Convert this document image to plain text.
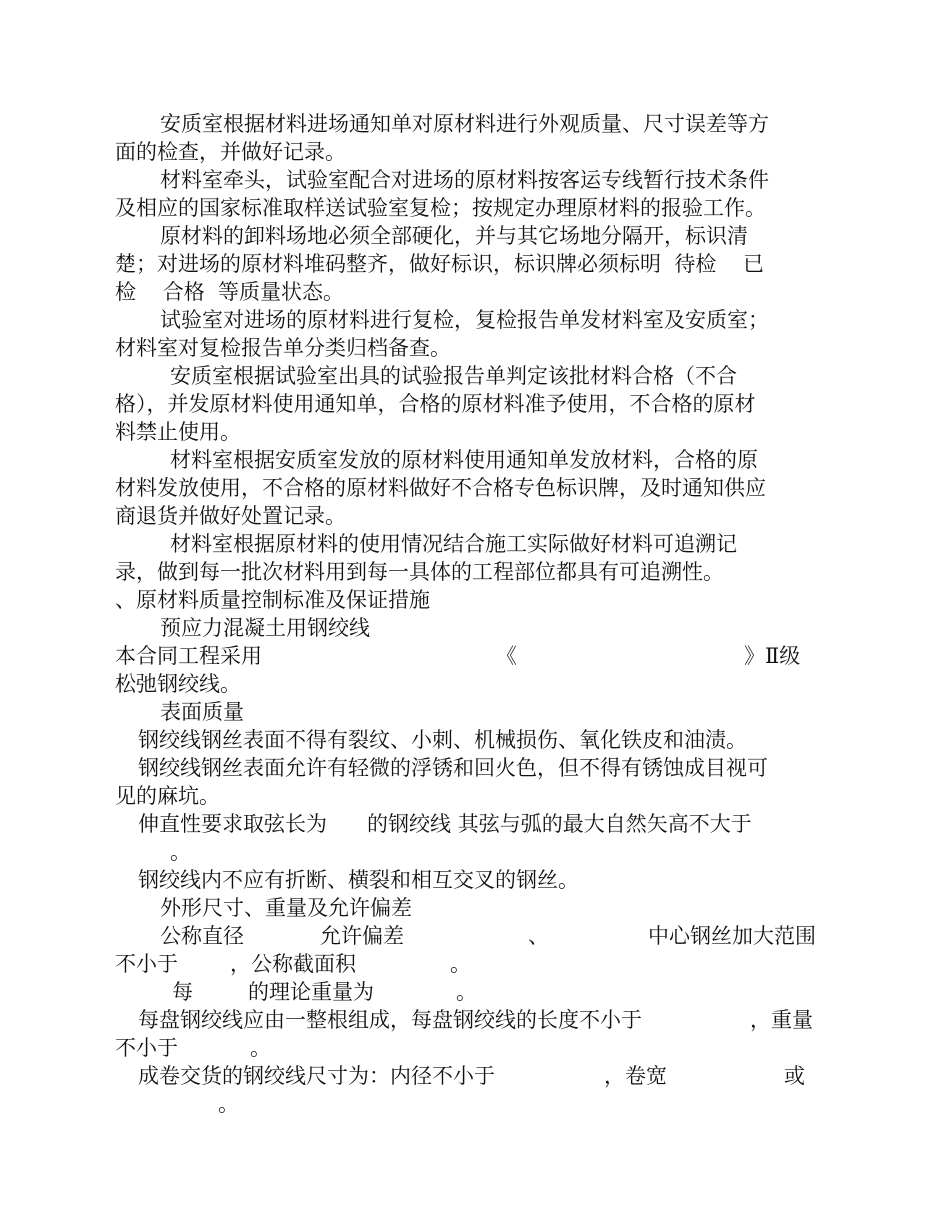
安质室根据材料进场通知单对原材料进行外观质量、尺寸误差等方
面的检查，并做好记录。
材料室牵头，试验室配合对进场的原材料按客运专线暂行技术条件
及相应的国家标准取样送试验室复检；按规定办理原材料的报验工作。
原材料的卸料场地必须全部硬化，并与其它场地分隔开，标识清
楚；对进场的原材料堆码整齐，做好标识，标识牌必须标明  待检    已
检    合格  等质量状态。
试验室对进场的原材料进行复检，复检报告单发材料室及安质室；
材料室对复检报告单分类归档备查。
安质室根据试验室出具的试验报告单判定该批材料合格（不合
格），并发原材料使用通知单，合格的原材料准予使用，不合格的原材
料禁止使用。
材料室根据安质室发放的原材料使用通知单发放材料，合格的原
材料发放使用，不合格的原材料做好不合格专色标识牌，及时通知供应
商退货并做好处置记录。
材料室根据原材料的使用情况结合施工实际做好材料可追溯记
录，做到每一批次材料用到每一具体的工程部位都具有可追溯性。
、原材料质量控制标准及保证措施
预应力混凝土用钢绞线
本合同工程采用	《	》Ⅱ级
松弛钢绞线。
表面质量
钢绞线钢丝表面不得有裂纹、小刺、机械损伤、氧化铁皮和油渍。
钢绞线钢丝表面允许有轻微的浮锈和回火色，但不得有锈蚀成目视可
见的麻坑。
伸直性要求取弦长为      的钢绞线 其弦与弧的最大自然矢高不大于
。
钢绞线内不应有折断、横裂和相互交叉的钢丝。
外形尺寸、重量及允许偏差
公称直径	允许偏差	、	中心钢丝加大范围
不小于 ，公称截面积	。
每	的理论重量为	。
每盘钢绞线应由一整根组成，每盘钢绞线的长度不小于	，重量
不小于	。
成卷交货的钢绞线尺寸为：内径不小于	，卷宽	或
。
